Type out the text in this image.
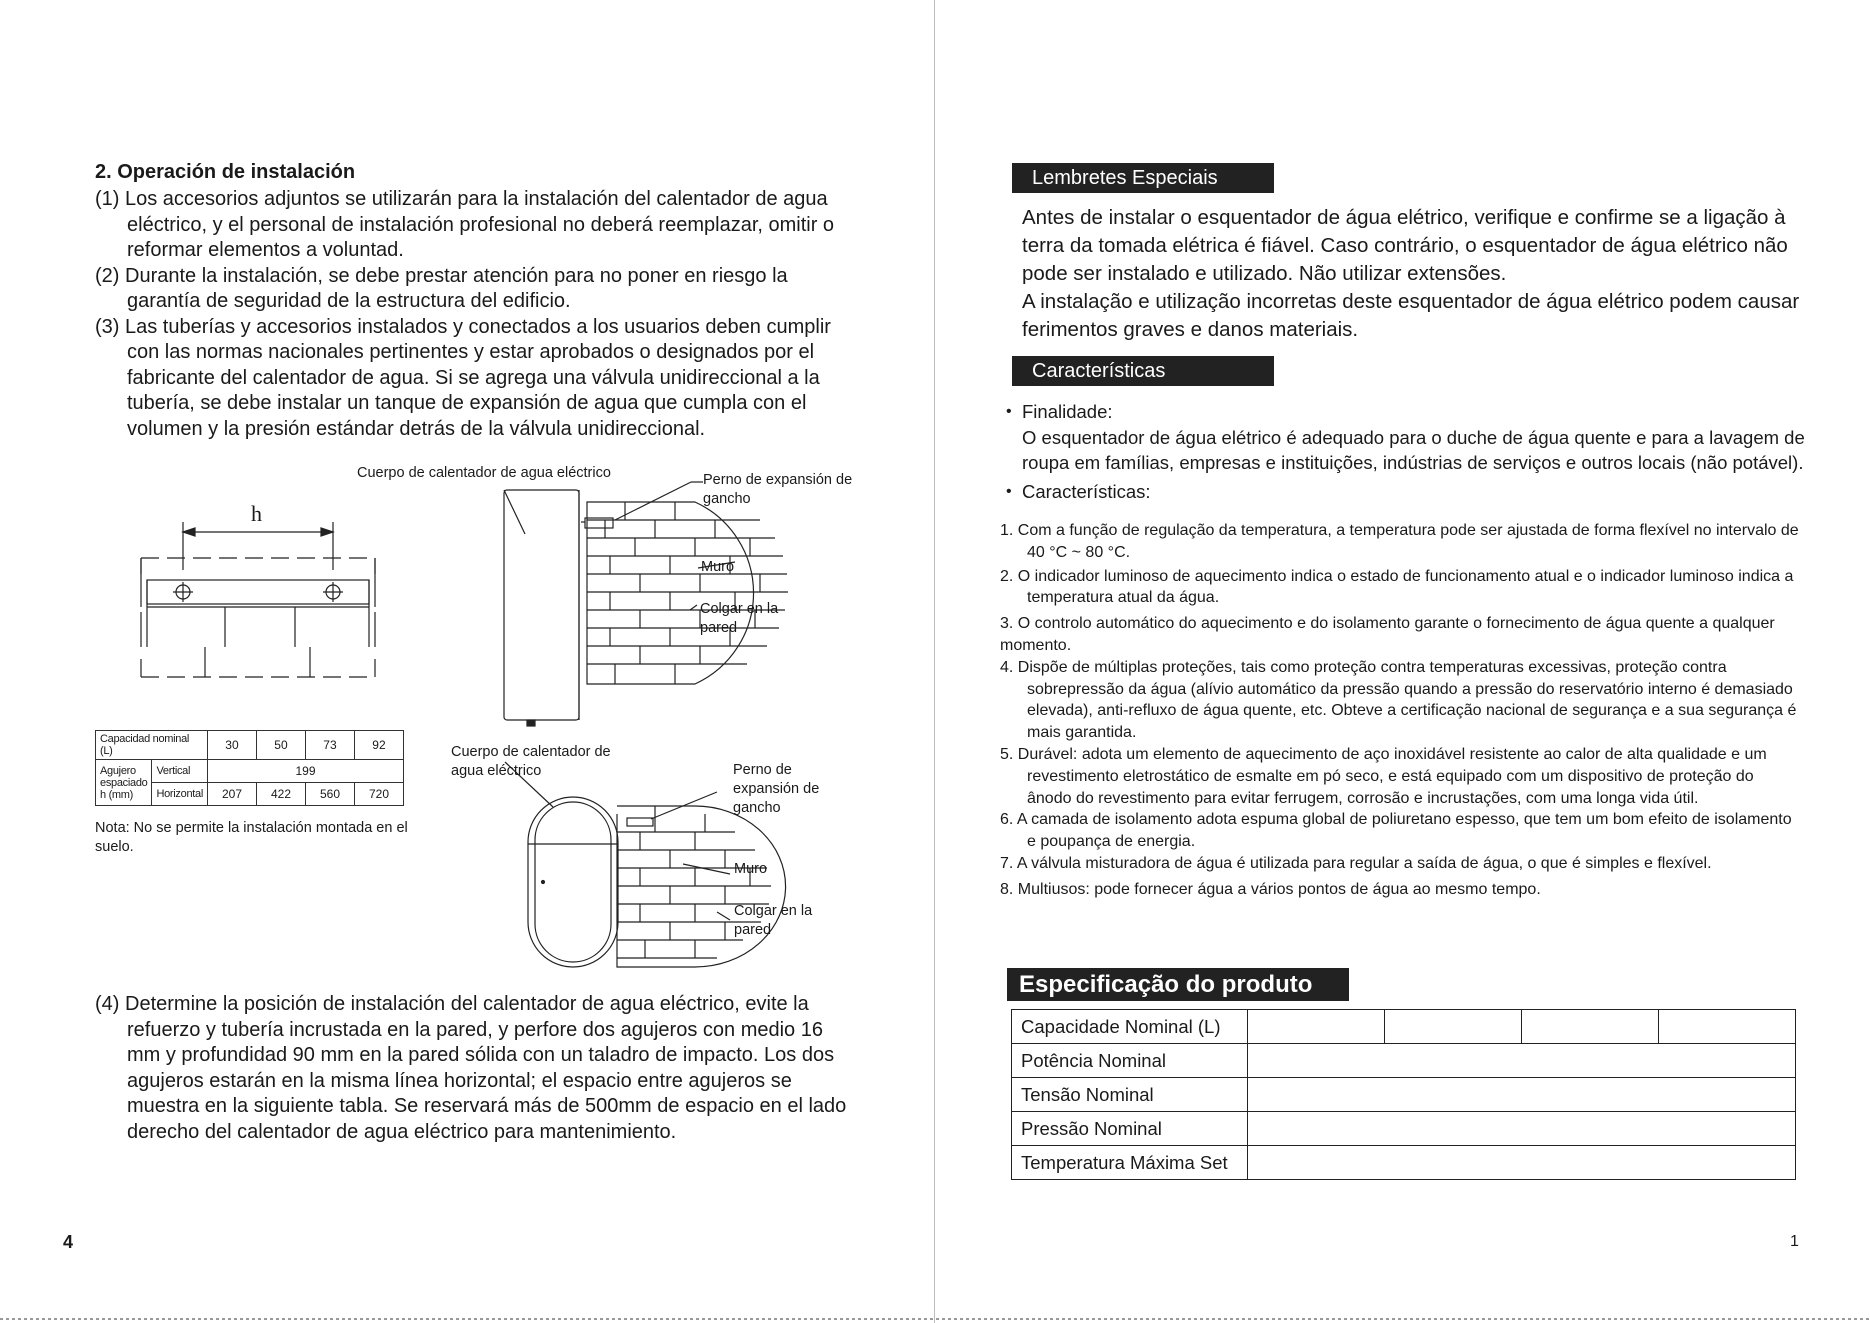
2. Operación de instalación

(1) Los accesorios adjuntos se utilizarán para la instalación del calentador de agua eléctrico, y el personal de instalación profesional no deberá reemplazar, omitir o reformar elementos a voluntad.

(2) Durante la instalación, se debe prestar atención para no poner en riesgo la garantía de seguridad de la estructura del edificio.

(3) Las tuberías y accesorios instalados y conectados a los usuarios deben cumplir con las normas nacionales pertinentes y estar aprobados o designados por el fabricante del calentador de agua. Si se agrega una válvula unidireccional a la tubería, se debe instalar un tanque de expansión de agua que cumpla con el volumen y la presión estándar detrás de la válvula unidireccional.

h
Cuerpo de calentador de agua eléctrico	Perno de expansión de gancho
Muro
Colgar en la pared
Cuerpo de calentador de agua eléctrico	Perno de expansión de gancho
Muro
Colgar en la pared
Capacidad nominal (L)		30	50	73	92
Agujero espaciado h (mm)	Vertical	199			
	Horizontal	207	422	560	720
Nota: No se permite la instalación montada en el suelo.

(4) Determine la posición de instalación del calentador de agua eléctrico, evite la refuerzo y tubería incrustada en la pared, y perfore dos agujeros con medio 16 mm y profundidad 90 mm en la pared sólida con un taladro de impacto. Los dos agujeros estarán en la misma línea horizontal; el espacio entre agujeros se muestra en la siguiente tabla. Se reservará más de 500mm de espacio en el lado derecho del calentador de agua eléctrico para mantenimiento.

4
Lembretes Especiais

Antes de instalar o esquentador de água elétrico, verifique e confirme se a ligação à terra da tomada elétrica é fiável. Caso contrário, o esquentador de água elétrico não pode ser instalado e utilizado. Não utilizar extensões.

A instalação e utilização incorretas deste esquentador de água elétrico podem causar ferimentos graves e danos materiais.

Características
• Finalidade:
O esquentador de água elétrico é adequado para o duche de água quente e para a lavagem de roupa em famílias, empresas e instituições, indústrias de serviços e outros locais (não potável).
• Características:
1. Com a função de regulação da temperatura, a temperatura pode ser ajustada de forma flexível no intervalo de 40 °C ~ 80 °C.
2. O indicador luminoso de aquecimento indica o estado de funcionamento atual e o indicador luminoso indica a temperatura atual da água.
3. O controlo automático do aquecimento e do isolamento garante o fornecimento de água quente a qualquer momento.
4. Dispõe de múltiplas proteções, tais como proteção contra temperaturas excessivas, proteção contra sobrepressão da água (alívio automático da pressão quando a pressão do reservatório interno é demasiado elevada), anti-refluxo de água quente, etc. Obteve a certificação nacional de segurança e a sua segurança é mais garantida.
5. Durável: adota um elemento de aquecimento de aço inoxidável resistente ao calor de alta qualidade e um revestimento eletrostático de esmalte em pó seco, e está equipado com um dispositivo de proteção do ânodo do revestimento para evitar ferrugem, corrosão e incrustações, com uma longa vida útil.
6. A camada de isolamento adota espuma global de poliuretano espesso, que tem um bom efeito de isolamento e poupança de energia.
7. A válvula misturadora de água é utilizada para regular a saída de água, o que é simples e flexível.
8. Multiusos: pode fornecer água a vários pontos de água ao mesmo tempo.
Especificação do produto
Capacidade Nominal (L)				
Potência Nominal				
Tensão Nominal				
Pressão Nominal				
Temperatura Máxima Set				
1
